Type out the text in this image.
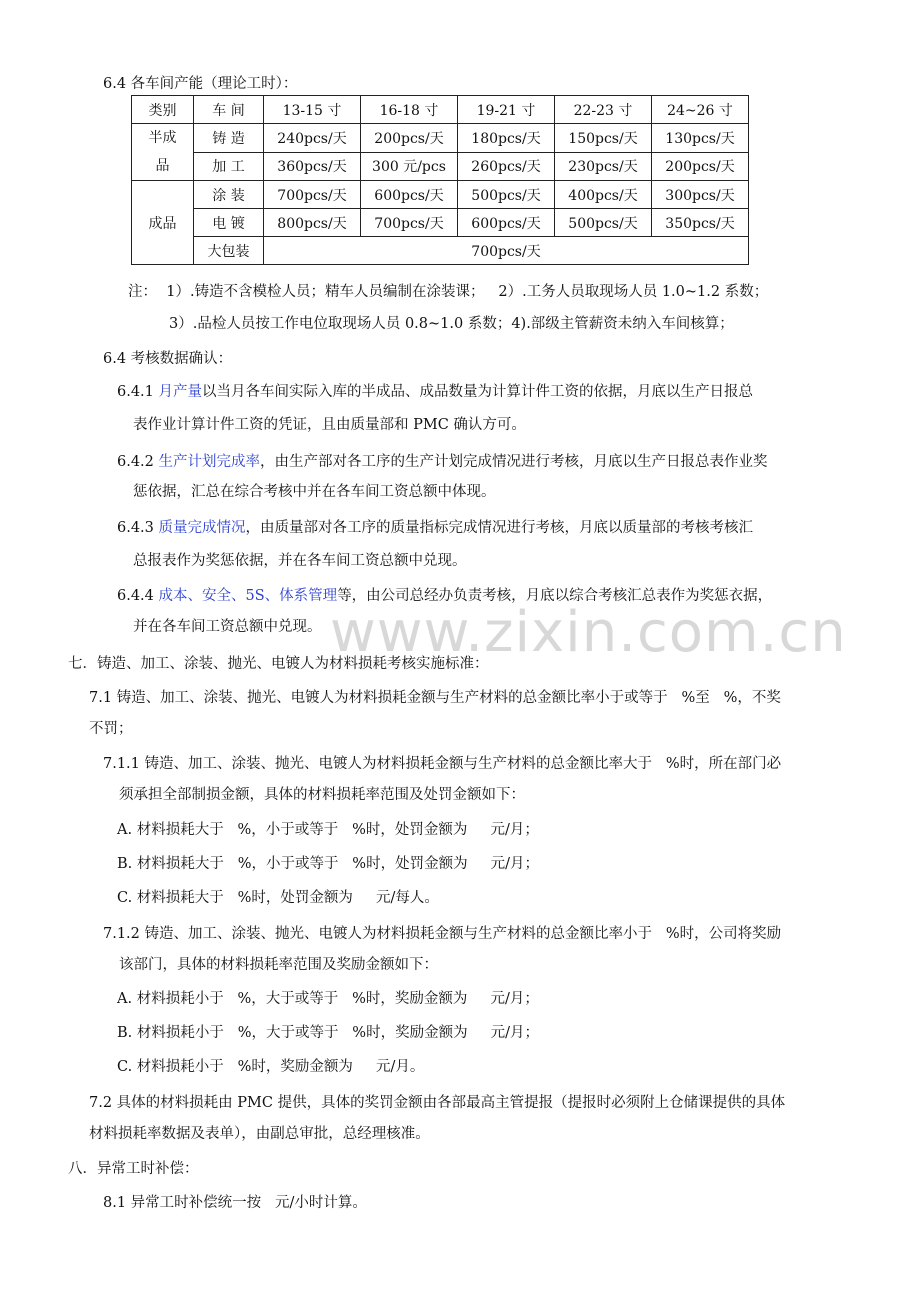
www.zixin.com.cn
6.4 各车间产能（理论工时）：
类别	车 间	13-15 寸	16-18 寸	19-21 寸	22-23 寸	24~26 寸
半成品	铸 造	240pcs/天	200pcs/天	180pcs/天	150pcs/天	130pcs/天
	加 工	360pcs/天	300 元/pcs	260pcs/天	230pcs/天	200pcs/天
成品	涂 装	700pcs/天	600pcs/天	500pcs/天	400pcs/天	300pcs/天
	电 镀	800pcs/天	700pcs/天	600pcs/天	500pcs/天	350pcs/天
	大包装	700pcs/天				
注：  1）.铸造不含模检人员；精车人员编制在涂装课；   2）.工务人员取现场人员 1.0~1.2 系数；
3）.品检人员按工作电位取现场人员 0.8~1.0 系数；4).部级主管薪资未纳入车间核算；
6.4 考核数据确认：
6.4.1 月产量以当月各车间实际入库的半成品、成品数量为计算计件工资的依据，月底以生产日报总
表作业计算计件工资的凭证，且由质量部和 PMC 确认方可。
6.4.2 生产计划完成率，由生产部对各工序的生产计划完成情况进行考核，月底以生产日报总表作业奖
惩依据，汇总在综合考核中并在各车间工资总额中体现。
6.4.3 质量完成情况，由质量部对各工序的质量指标完成情况进行考核，月底以质量部的考核考核汇
总报表作为奖惩依据，并在各车间工资总额中兑现。
6.4.4 成本、安全、5S、体系管理等，由公司总经办负责考核，月底以综合考核汇总表作为奖惩衣据，
并在各车间工资总额中兑现。
七．铸造、加工、涂装、抛光、电镀人为材料损耗考核实施标准：
7.1 铸造、加工、涂装、抛光、电镀人为材料损耗金额与生产材料的总金额比率小于或等于   %至   %，不奖
不罚；
7.1.1 铸造、加工、涂装、抛光、电镀人为材料损耗金额与生产材料的总金额比率大于   %时，所在部门必
须承担全部制损金额，具体的材料损耗率范围及处罚金额如下：
A. 材料损耗大于   %，小于或等于   %时，处罚金额为     元/月；
B. 材料损耗大于   %，小于或等于   %时，处罚金额为     元/月；
C. 材料损耗大于   %时，处罚金额为     元/每人。
7.1.2 铸造、加工、涂装、抛光、电镀人为材料损耗金额与生产材料的总金额比率小于   %时，公司将奖励
该部门，具体的材料损耗率范围及奖励金额如下：
A. 材料损耗小于   %，大于或等于   %时，奖励金额为     元/月；
B. 材料损耗小于   %，大于或等于   %时，奖励金额为     元/月；
C. 材料损耗小于   %时，奖励金额为     元/月。
7.2 具体的材料损耗由 PMC 提供，具体的奖罚金额由各部最高主管提报（提报时必须附上仓储课提供的具体
材料损耗率数据及表单），由副总审批，总经理核准。
八．异常工时补偿：
8.1 异常工时补偿统一按   元/小时计算。
